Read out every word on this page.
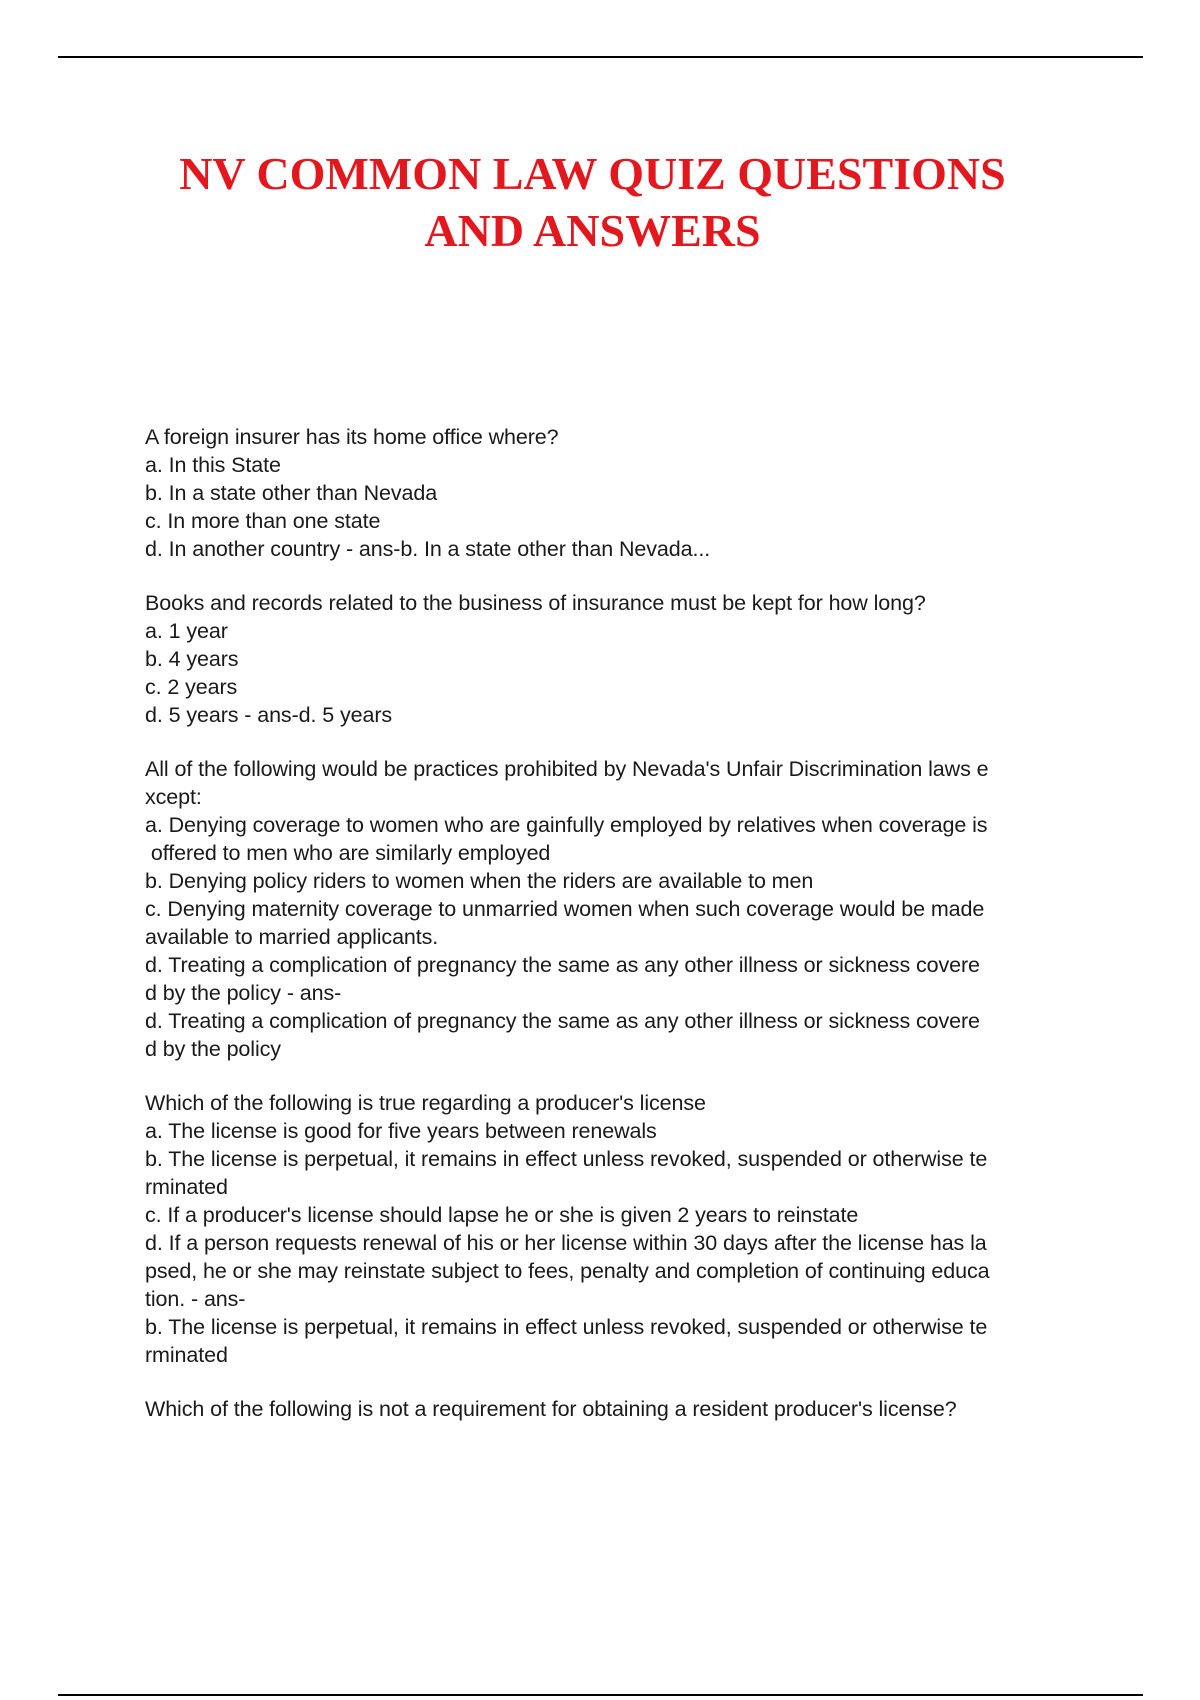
NV COMMON LAW QUIZ QUESTIONS AND ANSWERS
A foreign insurer has its home office where?
a. In this State
b. In a state other than Nevada
c. In more than one state
d. In another country - ans-b. In a state other than Nevada...
Books and records related to the business of insurance must be kept for how long?
a. 1 year
b. 4 years
c. 2 years
d. 5 years - ans-d. 5 years
All of the following would be practices prohibited by Nevada's Unfair Discrimination laws e
xcept:
a. Denying coverage to women who are gainfully employed by relatives when coverage is
offered to men who are similarly employed
b. Denying policy riders to women when the riders are available to men
c. Denying maternity coverage to unmarried women when such coverage would be made
available to married applicants.
d. Treating a complication of pregnancy the same as any other illness or sickness covere
d by the policy - ans-
d. Treating a complication of pregnancy the same as any other illness or sickness covere
d by the policy
Which of the following is true regarding a producer's license
a. The license is good for five years between renewals
b. The license is perpetual, it remains in effect unless revoked, suspended or otherwise te
rminated
c. If a producer's license should lapse he or she is given 2 years to reinstate
d. If a person requests renewal of his or her license within 30 days after the license has la
psed, he or she may reinstate subject to fees, penalty and completion of continuing educa
tion. - ans-
b. The license is perpetual, it remains in effect unless revoked, suspended or otherwise te
rminated
Which of the following is not a requirement for obtaining a resident producer's license?
